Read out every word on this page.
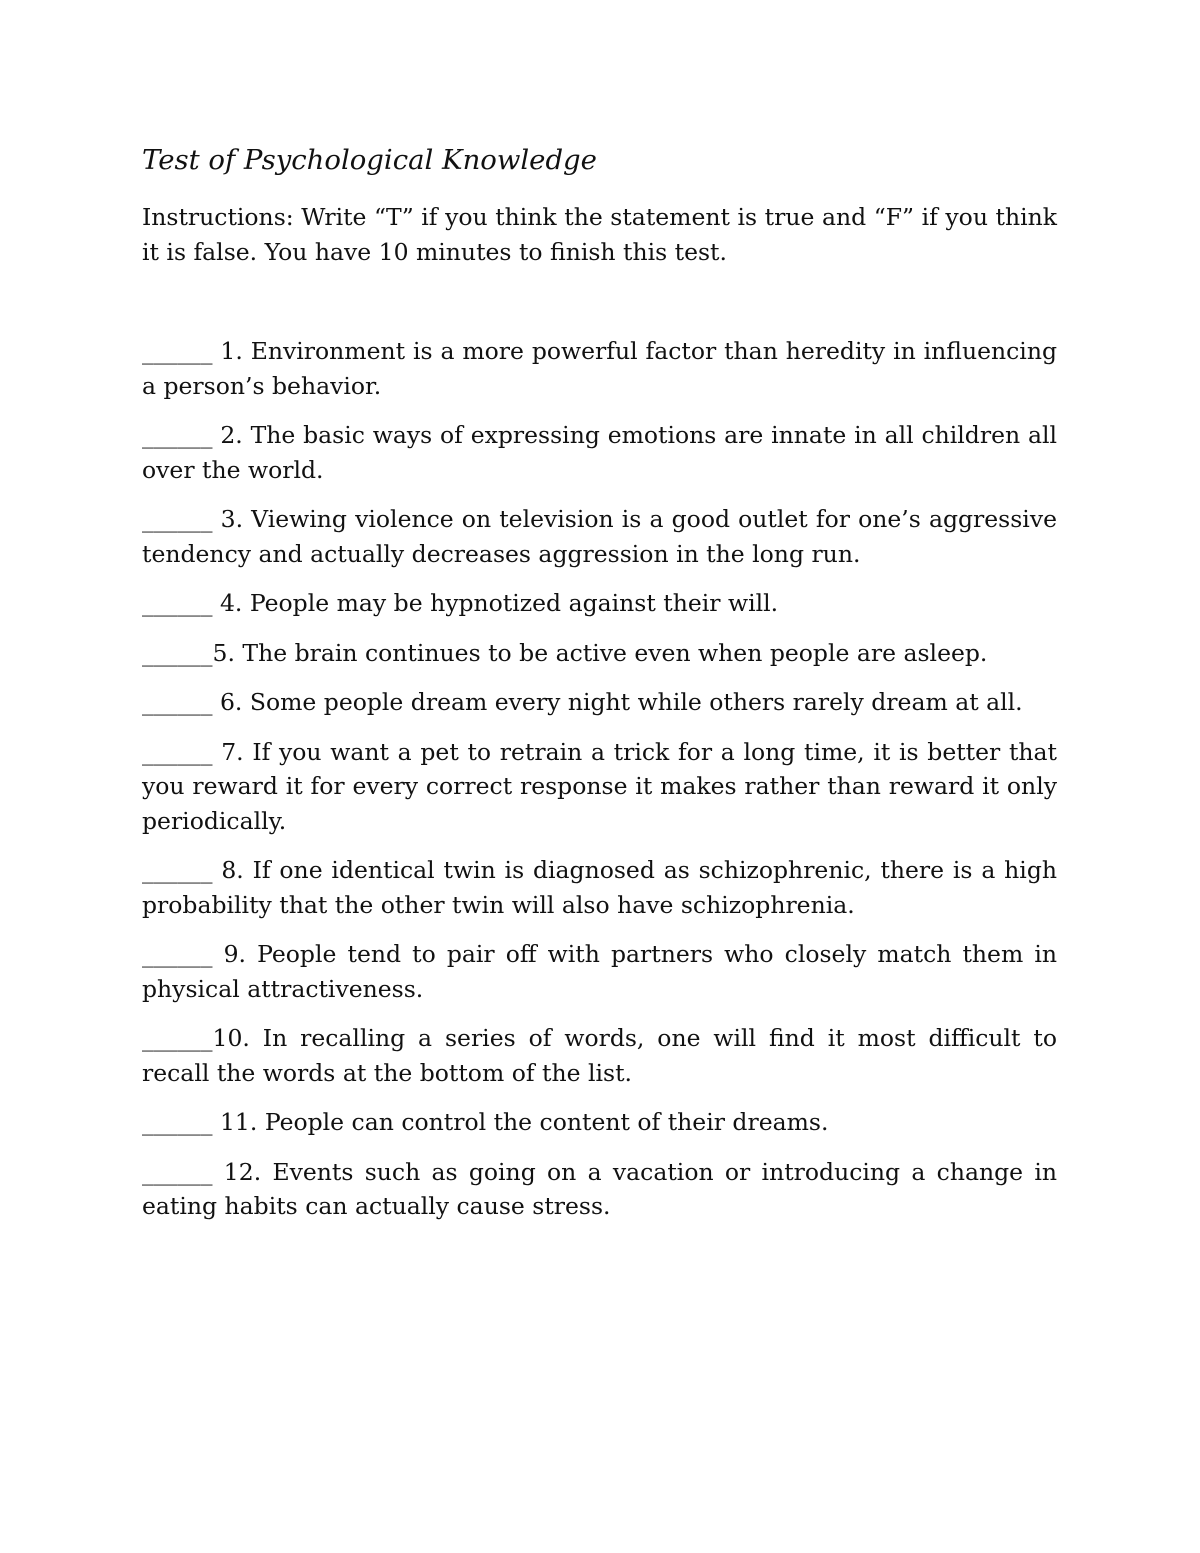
Test of Psychological Knowledge

Instructions: Write “T” if you think the statement is true and “F” if you think it is false. You have 10 minutes to finish this test.

______ 1. Environment is a more powerful factor than heredity in influencing a person’s behavior.

______ 2. The basic ways of expressing emotions are innate in all children all over the world.

______ 3. Viewing violence on television is a good outlet for one’s aggressive tendency and actually decreases aggression in the long run.

______ 4. People may be hypnotized against their will.

______5. The brain continues to be active even when people are asleep.

______ 6. Some people dream every night while others rarely dream at all.

______ 7. If you want a pet to retrain a trick for a long time, it is better that you reward it for every correct response it makes rather than reward it only periodically.

______ 8. If one identical twin is diagnosed as schizophrenic, there is a high probability that the other twin will also have schizophrenia.

______ 9. People tend to pair off with partners who closely match them in physical attractiveness.

______10. In recalling a series of words, one will find it most difficult to recall the words at the bottom of the list.

______ 11. People can control the content of their dreams.

______ 12. Events such as going on a vacation or introducing a change in eating habits can actually cause stress.
